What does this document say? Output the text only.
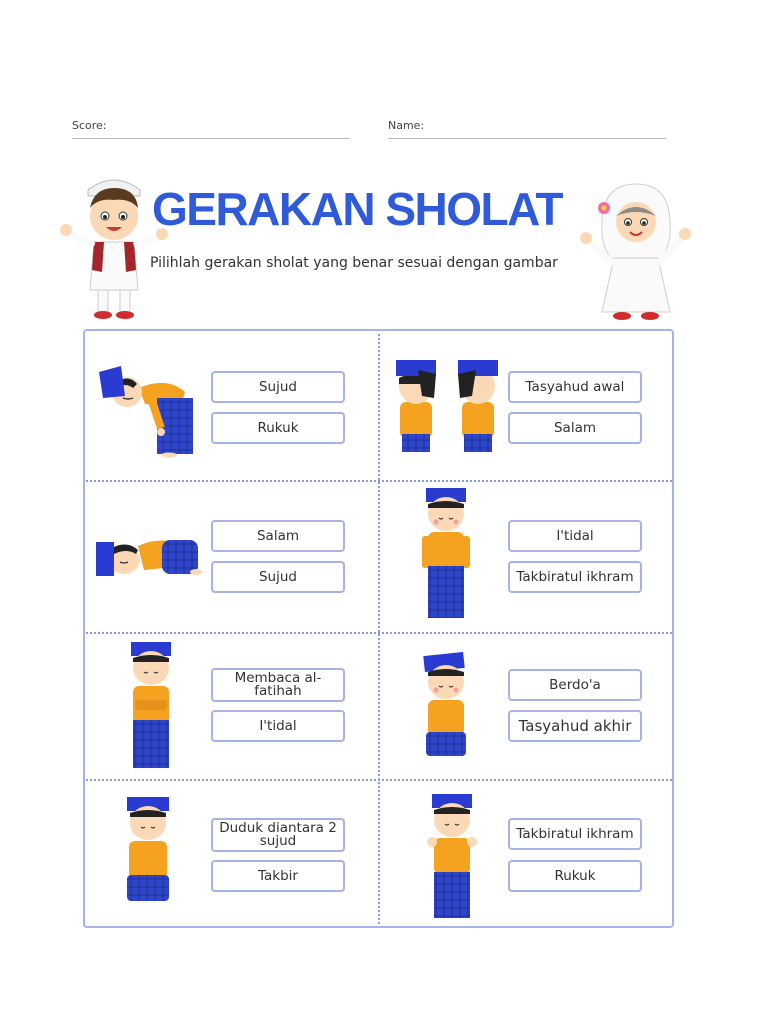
Score:	Name:
GERAKAN SHOLAT
Pilihlah gerakan sholat yang benar sesuai dengan gambar
Sujud
Rukuk
Tasyahud awal
Salam
Salam
Sujud
I'tidal
Takbiratul ikhram
Membaca al-fatihah
I'tidal
Berdo'a
Tasyahud akhir
Duduk diantara 2 sujud
Takbir
Takbiratul ikhram
Rukuk
